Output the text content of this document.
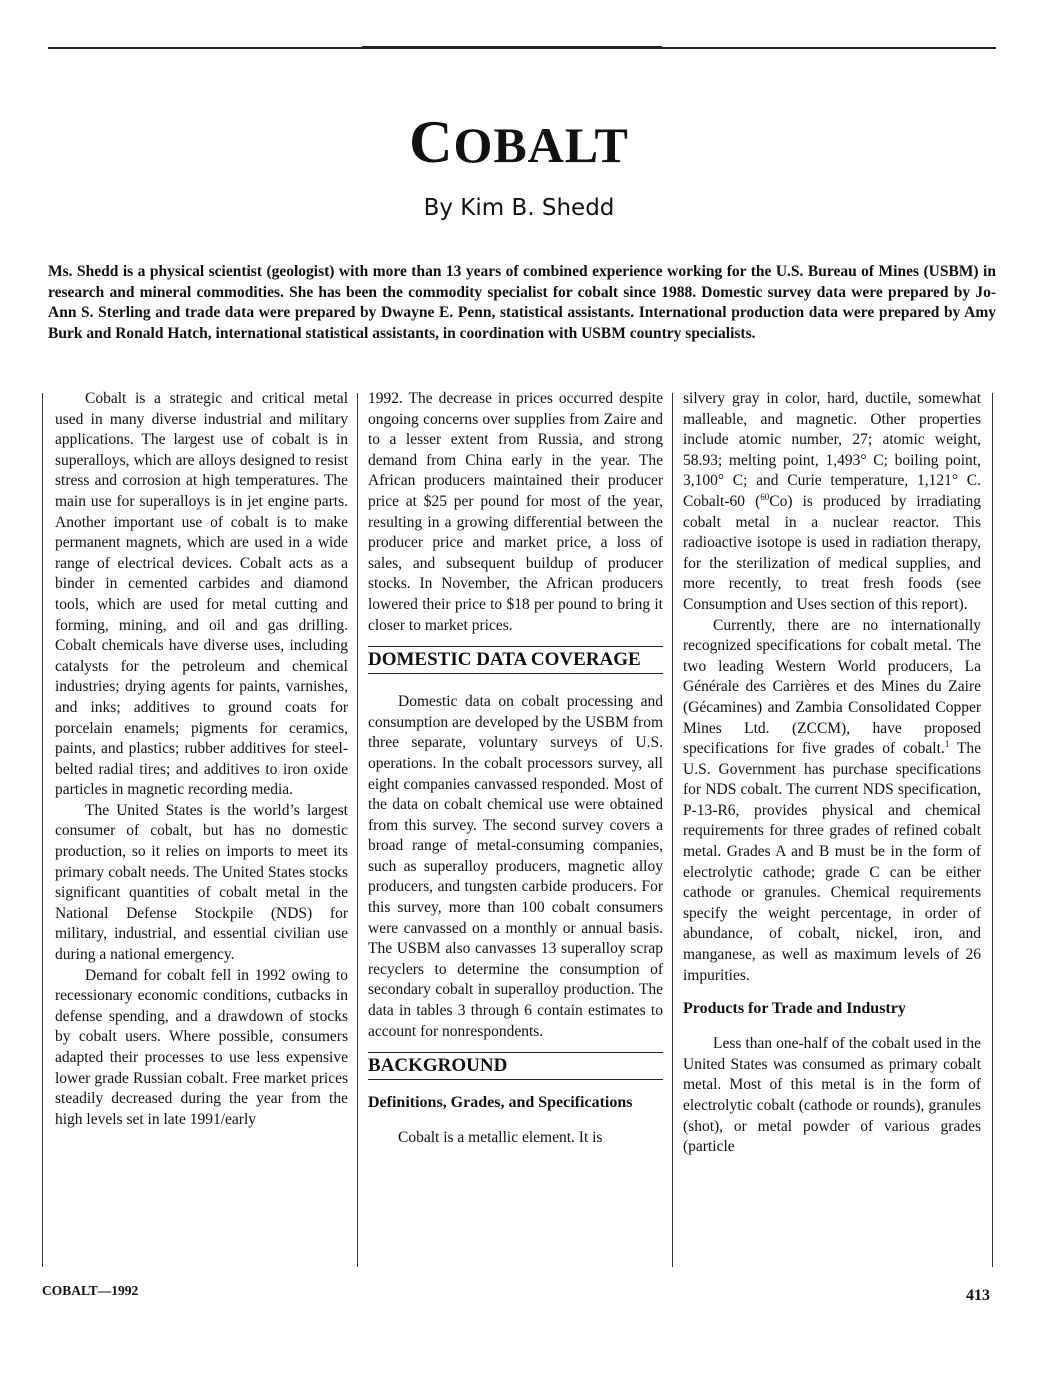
COBALT
By Kim B. Shedd
Ms. Shedd is a physical scientist (geologist) with more than 13 years of combined experience working for the U.S. Bureau of Mines (USBM) in research and mineral commodities. She has been the commodity specialist for cobalt since 1988. Domestic survey data were prepared by Jo-Ann S. Sterling and trade data were prepared by Dwayne E. Penn, statistical assistants. International production data were prepared by Amy Burk and Ronald Hatch, international statistical assistants, in coordination with USBM country specialists.

Cobalt is a strategic and critical metal used in many diverse industrial and military applications. The largest use of cobalt is in superalloys, which are alloys designed to resist stress and corrosion at high temperatures. The main use for superalloys is in jet engine parts. Another important use of cobalt is to make permanent magnets, which are used in a wide range of electrical devices. Cobalt acts as a binder in cemented carbides and diamond tools, which are used for metal cutting and forming, mining, and oil and gas drilling. Cobalt chemicals have diverse uses, including catalysts for the petroleum and chemical industries; drying agents for paints, varnishes, and inks; additives to ground coats for porcelain enamels; pigments for ceramics, paints, and plastics; rubber additives for steel-belted radial tires; and additives to iron oxide particles in magnetic recording media.

The United States is the world’s largest consumer of cobalt, but has no domestic production, so it relies on imports to meet its primary cobalt needs. The United States stocks significant quantities of cobalt metal in the National Defense Stockpile (NDS) for military, industrial, and essential civilian use during a national emergency.

Demand for cobalt fell in 1992 owing to recessionary economic conditions, cutbacks in defense spending, and a drawdown of stocks by cobalt users. Where possible, consumers adapted their processes to use less expensive lower grade Russian cobalt. Free market prices steadily decreased during the year from the high levels set in late 1991/early

1992. The decrease in prices occurred despite ongoing concerns over supplies from Zaire and to a lesser extent from Russia, and strong demand from China early in the year. The African producers maintained their producer price at $25 per pound for most of the year, resulting in a growing differential between the producer price and market price, a loss of sales, and subsequent buildup of producer stocks. In November, the African producers lowered their price to $18 per pound to bring it closer to market prices.

DOMESTIC DATA COVERAGE

Domestic data on cobalt processing and consumption are developed by the USBM from three separate, voluntary surveys of U.S. operations. In the cobalt processors survey, all eight companies canvassed responded. Most of the data on cobalt chemical use were obtained from this survey. The second survey covers a broad range of metal-consuming companies, such as superalloy producers, magnetic alloy producers, and tungsten carbide producers. For this survey, more than 100 cobalt consumers were canvassed on a monthly or annual basis. The USBM also canvasses 13 superalloy scrap recyclers to determine the consumption of secondary cobalt in superalloy production. The data in tables 3 through 6 contain estimates to account for nonrespondents.

BACKGROUND
Definitions, Grades, and Specifications

Cobalt is a metallic element. It is

silvery gray in color, hard, ductile, somewhat malleable, and magnetic. Other properties include atomic number, 27; atomic weight, 58.93; melting point, 1,493° C; boiling point, 3,100° C; and Curie temperature, 1,121° C. Cobalt-60 ($^{60}$Co) is produced by irradiating cobalt metal in a nuclear reactor. This radioactive isotope is used in radiation therapy, for the sterilization of medical supplies, and more recently, to treat fresh foods (see Consumption and Uses section of this report).

Currently, there are no internationally recognized specifications for cobalt metal. The two leading Western World producers, La Générale des Carrières et des Mines du Zaire (Gécamines) and Zambia Consolidated Copper Mines Ltd. (ZCCM), have proposed specifications for five grades of cobalt.$^1$ The U.S. Government has purchase specifications for NDS cobalt. The current NDS specification, P-13-R6, provides physical and chemical requirements for three grades of refined cobalt metal. Grades A and B must be in the form of electrolytic cathode; grade C can be either cathode or granules. Chemical requirements specify the weight percentage, in order of abundance, of cobalt, nickel, iron, and manganese, as well as maximum levels of 26 impurities.

Products for Trade and Industry

Less than one-half of the cobalt used in the United States was consumed as primary cobalt metal. Most of this metal is in the form of electrolytic cobalt (cathode or rounds), granules (shot), or metal powder of various grades (particle

COBALT—1992	413
